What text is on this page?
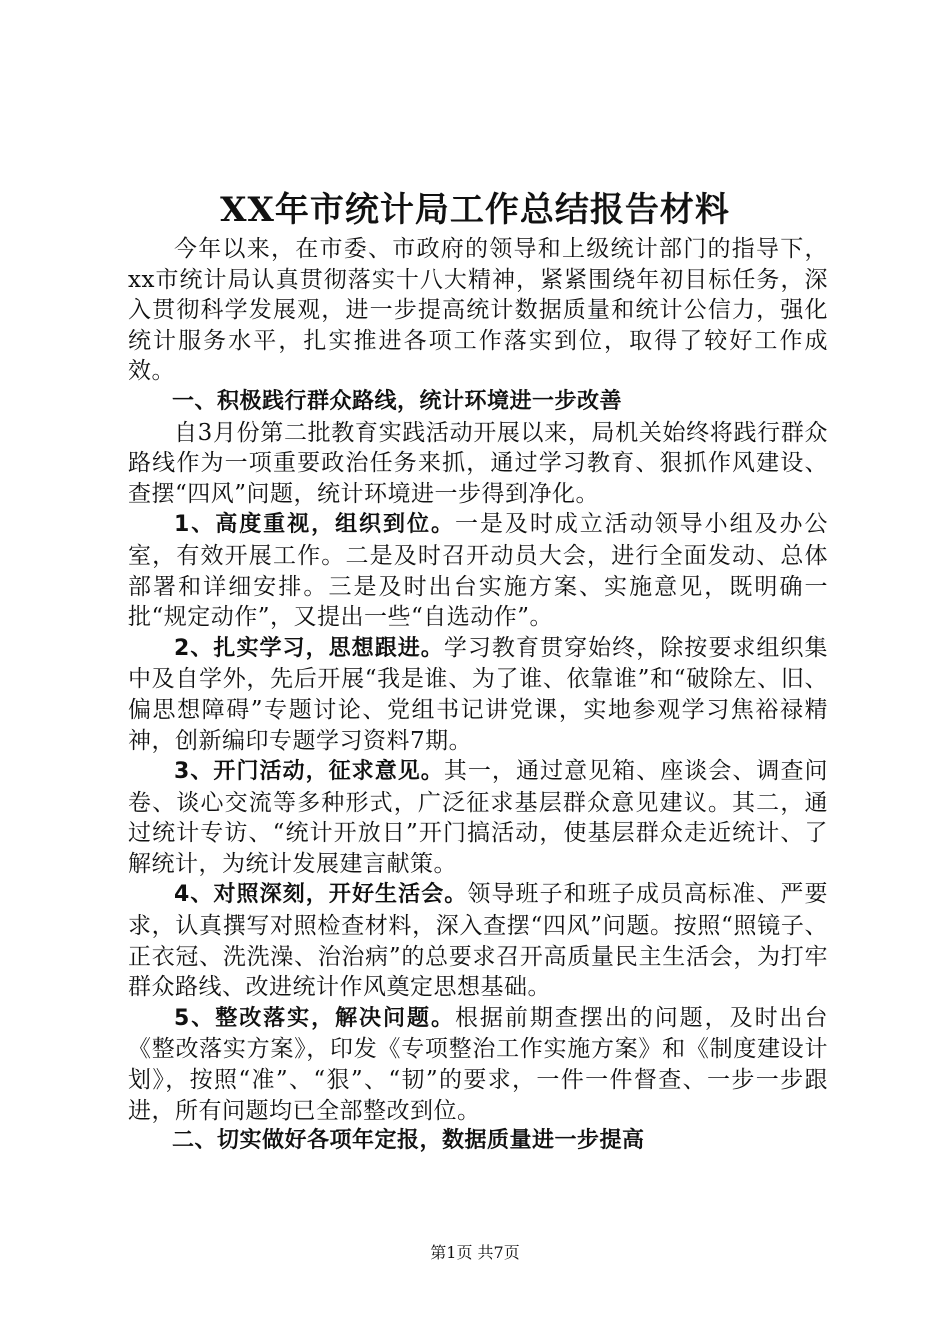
XX年市统计局工作总结报告材料

今年以来，在市委、市政府的领导和上级统计部门的指导下，xx市统计局认真贯彻落实十八大精神，紧紧围绕年初目标任务，深入贯彻科学发展观，进一步提高统计数据质量和统计公信力，强化统计服务水平，扎实推进各项工作落实到位，取得了较好工作成效。

一、积极践行群众路线，统计环境进一步改善

自3月份第二批教育实践活动开展以来，局机关始终将践行群众路线作为一项重要政治任务来抓，通过学习教育、狠抓作风建设、查摆“四风”问题，统计环境进一步得到净化。

1、高度重视，组织到位。一是及时成立活动领导小组及办公室，有效开展工作。二是及时召开动员大会，进行全面发动、总体部署和详细安排。三是及时出台实施方案、实施意见，既明确一批“规定动作”，又提出一些“自选动作”。

2、扎实学习，思想跟进。学习教育贯穿始终，除按要求组织集中及自学外，先后开展“我是谁、为了谁、依靠谁”和“破除左、旧、偏思想障碍”专题讨论、党组书记讲党课，实地参观学习焦裕禄精神，创新编印专题学习资料7期。

3、开门活动，征求意见。其一，通过意见箱、座谈会、调查问卷、谈心交流等多种形式，广泛征求基层群众意见建议。其二，通过统计专访、“统计开放日”开门搞活动，使基层群众走近统计、了解统计，为统计发展建言献策。

4、对照深刻，开好生活会。领导班子和班子成员高标准、严要求，认真撰写对照检查材料，深入查摆“四风”问题。按照“照镜子、正衣冠、洗洗澡、治治病”的总要求召开高质量民主生活会，为打牢群众路线、改进统计作风奠定思想基础。

5、整改落实，解决问题。根据前期查摆出的问题，及时出台《整改落实方案》，印发《专项整治工作实施方案》和《制度建设计划》，按照“准”、“狠”、“韧”的要求，一件一件督查、一步一步跟进，所有问题均已全部整改到位。

二、切实做好各项年定报，数据质量进一步提高

第1页 共7页
